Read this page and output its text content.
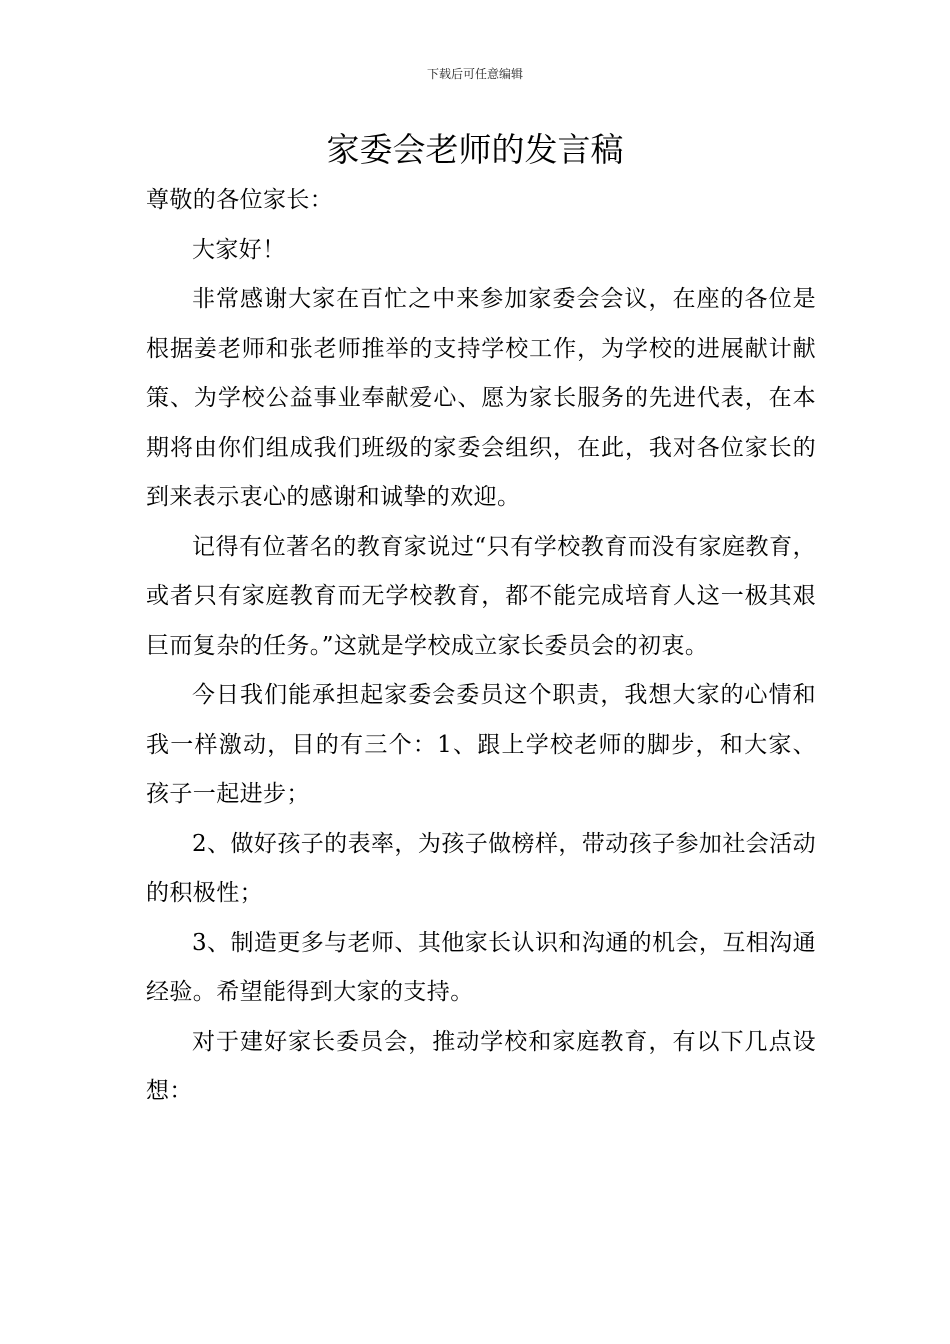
下载后可任意编辑
家委会老师的发言稿

尊敬的各位家长：

大家好！

非常感谢大家在百忙之中来参加家委会会议，在座的各位是根据姜老师和张老师推举的支持学校工作，为学校的进展献计献策、为学校公益事业奉献爱心、愿为家长服务的先进代表，在本期将由你们组成我们班级的家委会组织，在此，我对各位家长的到来表示衷心的感谢和诚挚的欢迎。

记得有位著名的教育家说过“只有学校教育而没有家庭教育，或者只有家庭教育而无学校教育，都不能完成培育人这一极其艰巨而复杂的任务。”这就是学校成立家长委员会的初衷。

今日我们能承担起家委会委员这个职责，我想大家的心情和我一样激动，目的有三个：1、跟上学校老师的脚步，和大家、孩子一起进步；

2、做好孩子的表率，为孩子做榜样，带动孩子参加社会活动的积极性；

3、制造更多与老师、其他家长认识和沟通的机会，互相沟通经验。希望能得到大家的支持。

对于建好家长委员会，推动学校和家庭教育，有以下几点设想：
